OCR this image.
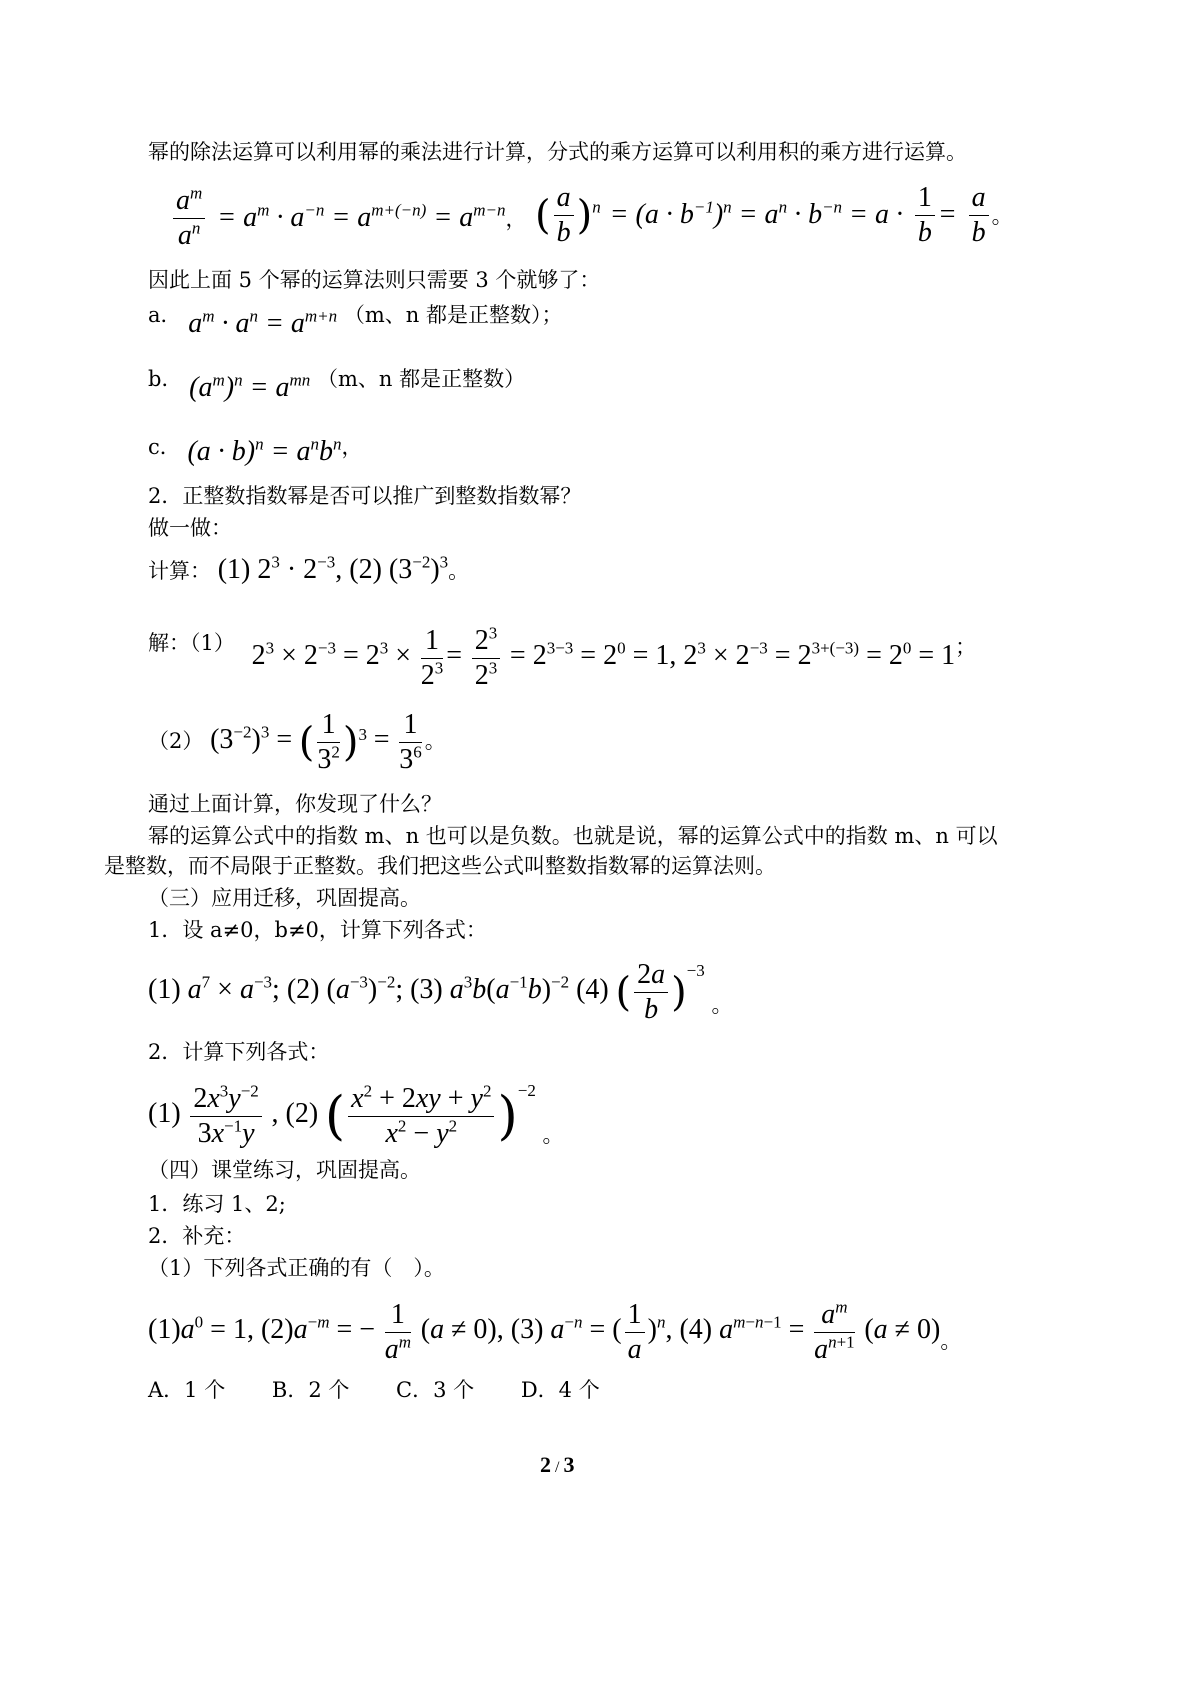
幂的除法运算可以利用幂的乘法进行计算，分式的乘方运算可以利用积的乘方进行运算。
$\frac{a^m}{a^n} = a^m \cdot a^{-n} = a^{m+(-n)} = a^{m-n}$， ( $\frac{a}{b} )^n = (a \cdot b^{-1})^n = a^n \cdot b^{-n} = a \cdot \frac{1}{b} = \frac{a}{b}$ 。
因此上面 5 个幂的运算法则只需要 3 个就够了：
a． $a^m \cdot a^n = a^{m+n}$ （m、n 都是正整数）；
b． $(a^m)^n = a^{mn}$ （m、n 都是正整数）
c． $(a \cdot b)^n = a^nb^n$，
2．正整数指数幂是否可以推广到整数指数幂？
做一做：
计算： (1) $2^3 \cdot 2^{-3}$, (2) $(3^{-2})^3$。
解：（1） $2^3 \times 2^{-3} = 2^3 \times \frac{1}{2^3} = \frac{2^3}{2^3} = 2^{3-3} = 2^0 = 1$, $2^3 \times 2^{-3} = 2^{3+(-3)} = 2^0 = 1$；
（2） $(3^{-2})^3$ = ( $\frac{1}{3^2} )^3 = \frac{1}{3^6}$ 。
通过上面计算，你发现了什么？
幂的运算公式中的指数 m、n 也可以是负数。也就是说，幂的运算公式中的指数 m、n 可以
是整数，而不局限于正整数。我们把这些公式叫整数指数幂的运算法则。
（三）应用迁移，巩固提高。
1．设 a≠0，b≠0，计算下列各式：
(1) $a^7 \times a^{-3}$; (2) $(a^{-3})^{-2}$; (3) $a^3b(a^{-1}b)^{-2}$ (4) ( $\frac{2a}{b} )^{-3}$ 。
2．计算下列各式：
$(1) \frac{2x^3y^{-2}}{3x^{-1}y}$ , (2) ( $\frac{x^2 + 2xy + y^2}{x^2 - y^2} )^{-2}$ 。
（四）课堂练习，巩固提高。
1．练习 1、2;
2．补充：
（1）下列各式正确的有（　）。
$(1)a^0 = 1$, $(2)a^{-m}$ = − $\frac{1}{a^m} (a \ne 0)$, (3) $a^{-n}$ = ( $\frac{1}{a} )^n$, (4) $a^{m-n-1} = \frac{a^m}{a^{n+1}} (a \ne 0)$。
A．1 个 B．2 个 C．3 个 D．4 个
2 / 3
